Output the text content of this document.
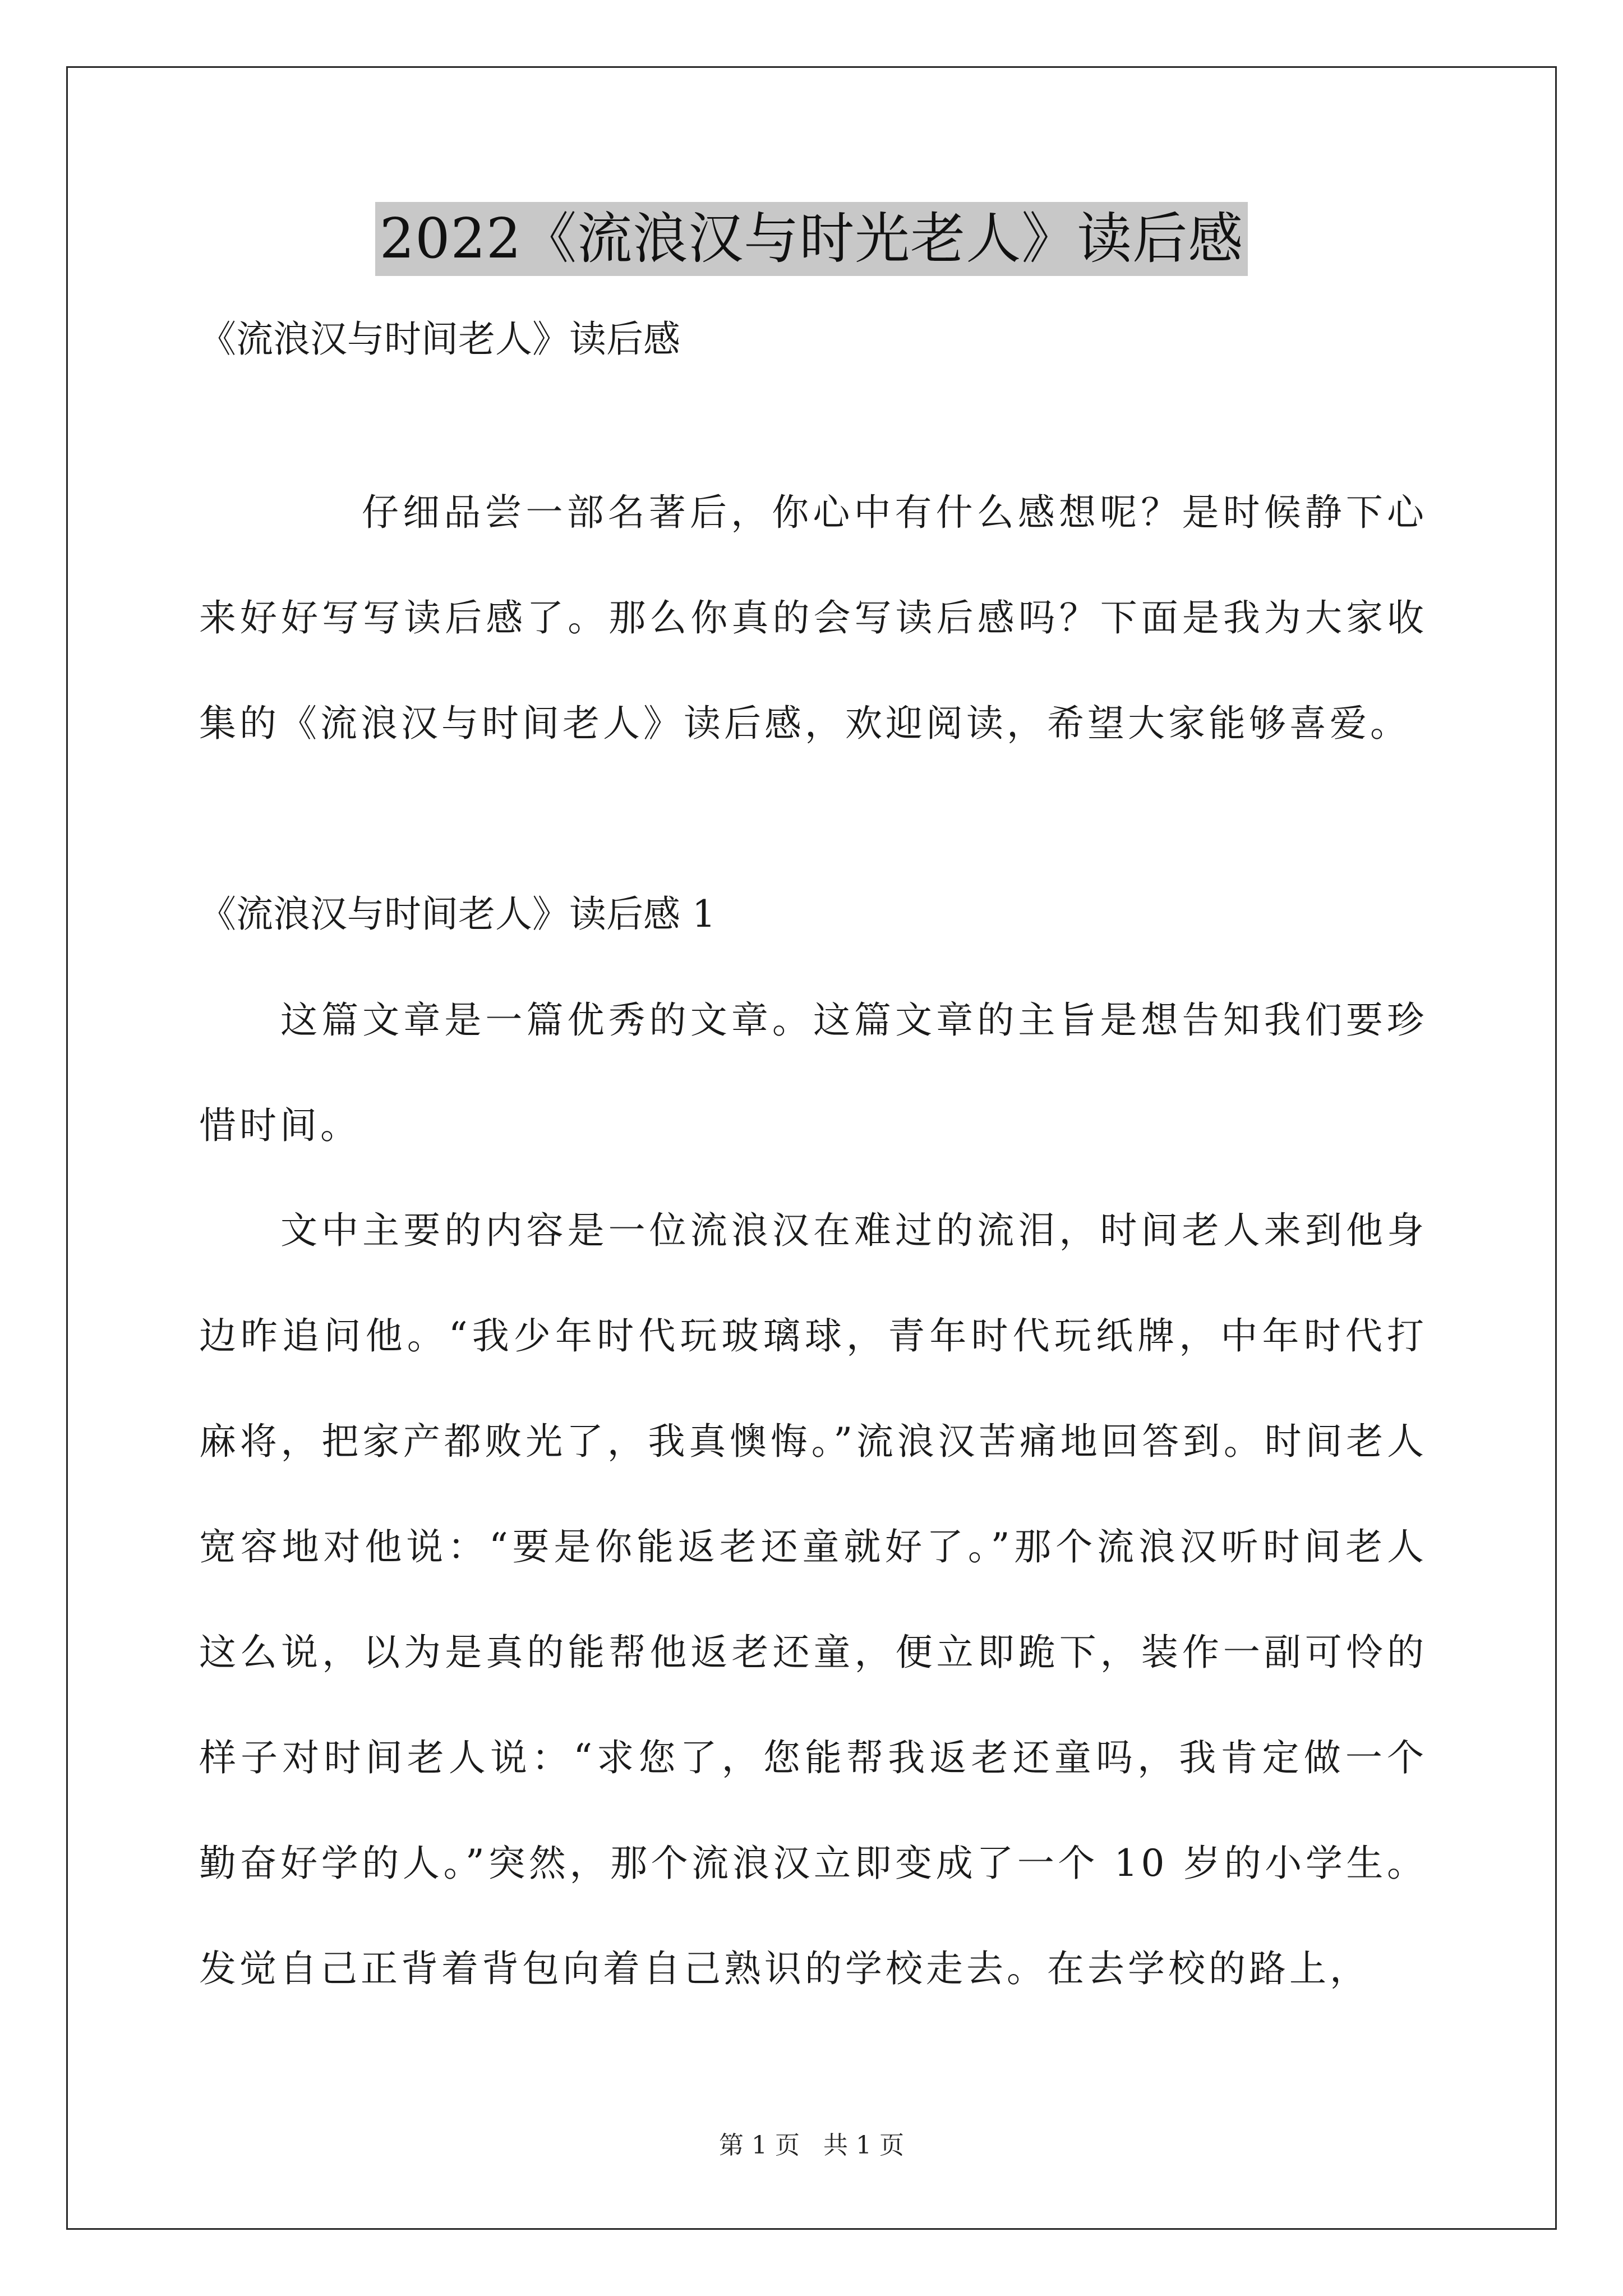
2022《流浪汉与时光老人》读后感
《流浪汉与时间老人》读后感
仔细品尝一部名著后，你心中有什么感想呢？是时候静下心来好好写写读后感了。那么你真的会写读后感吗？下面是我为大家收集的《流浪汉与时间老人》读后感，欢迎阅读，希望大家能够喜爱。
《流浪汉与时间老人》读后感 1
这篇文章是一篇优秀的文章。这篇文章的主旨是想告知我们要珍惜时间。
文中主要的内容是一位流浪汉在难过的流泪，时间老人来到他身边昨追问他。“我少年时代玩玻璃球，青年时代玩纸牌，中年时代打麻将，把家产都败光了，我真懊悔。”流浪汉苦痛地回答到。时间老人宽容地对他说：“要是你能返老还童就好了。”那个流浪汉听时间老人这么说，以为是真的能帮他返老还童，便立即跪下，装作一副可怜的样子对时间老人说：“求您了，您能帮我返老还童吗，我肯定做一个勤奋好学的人。”突然，那个流浪汉立即变成了一个 10 岁的小学生。发觉自己正背着背包向着自己熟识的学校走去。在去学校的路上，
第 1 页 共 1 页
